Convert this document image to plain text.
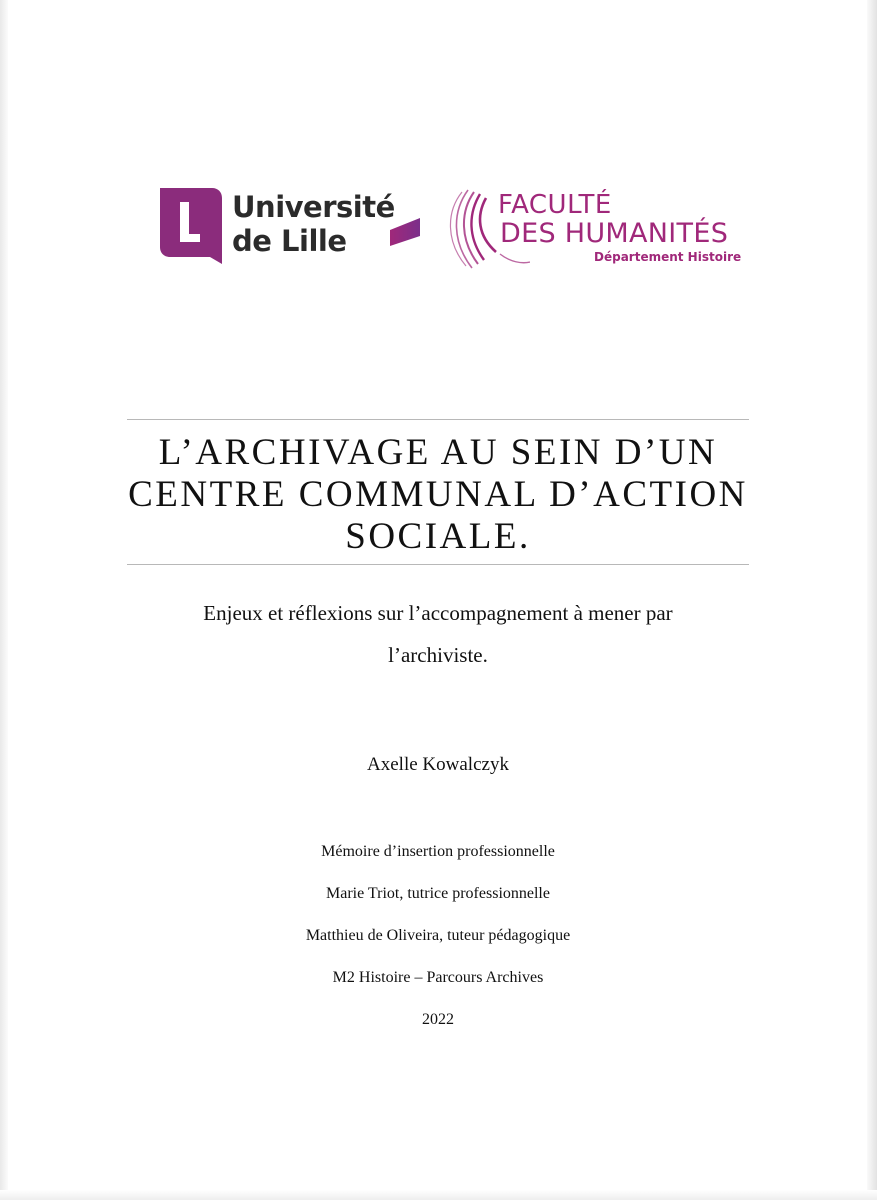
Université
de Lille
FACULTÉ
DES HUMANITÉS
Département Histoire
L’ARCHIVAGE AU SEIN D’UN
CENTRE COMMUNAL D’ACTION
SOCIALE.
Enjeux et réflexions sur l’accompagnement à mener par
l’archiviste.
Axelle Kowalczyk
Mémoire d’insertion professionnelle
Marie Triot, tutrice professionnelle
Matthieu de Oliveira, tuteur pédagogique
M2 Histoire – Parcours Archives
2022
